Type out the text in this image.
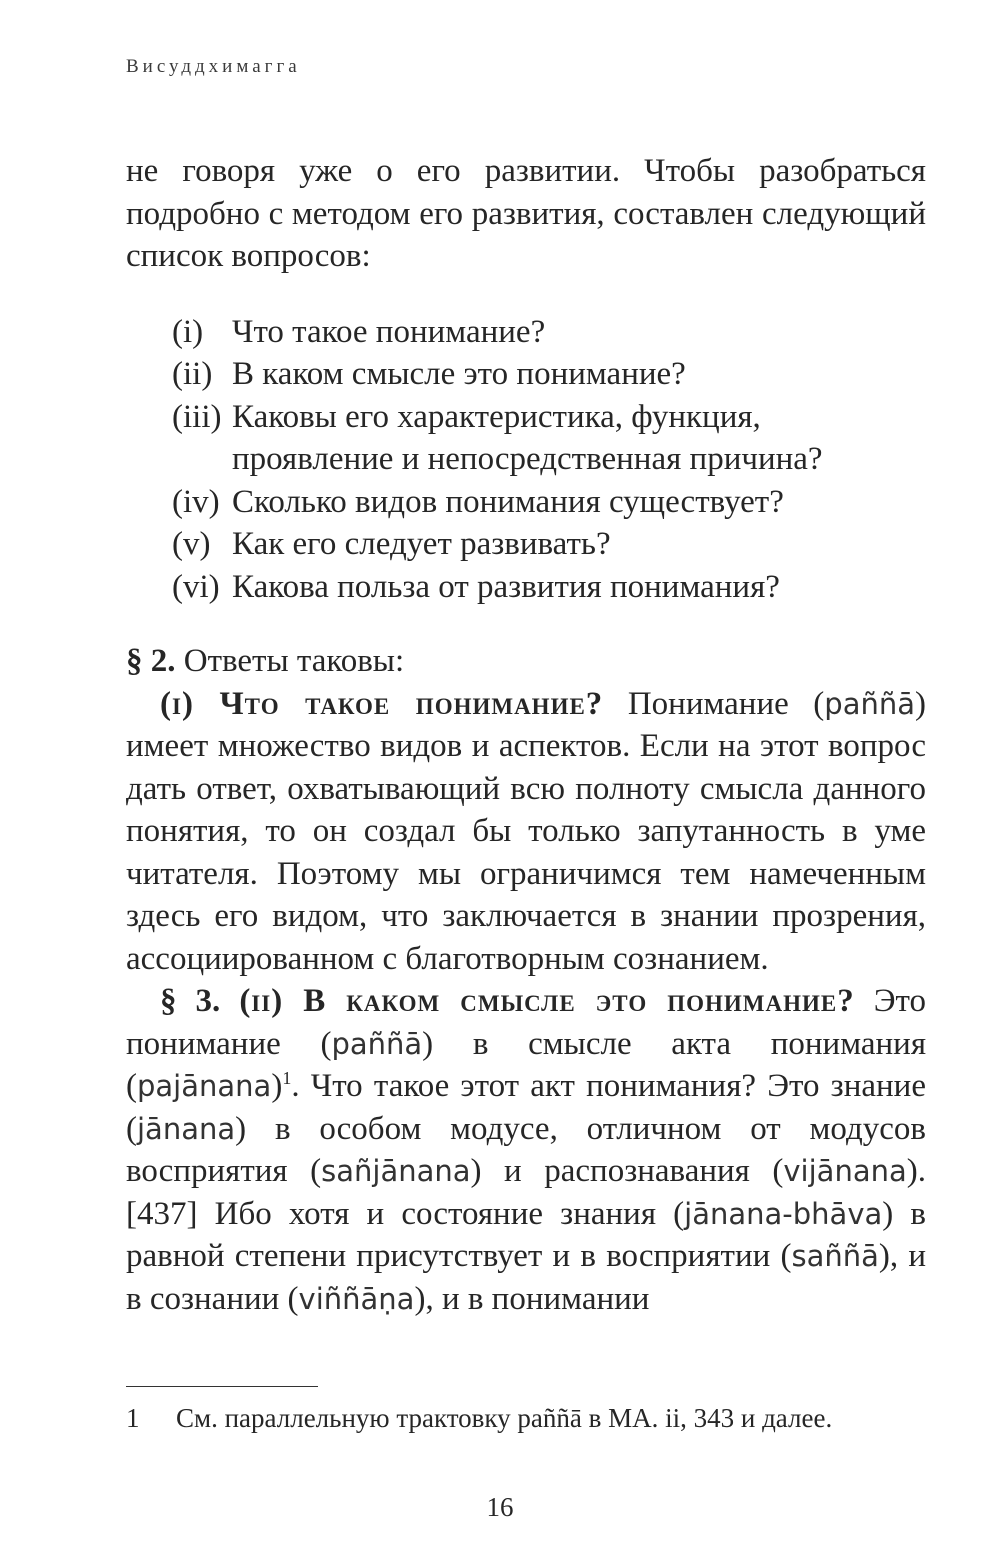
Висуддхимагга

не говоря уже о его развитии. Чтобы разобраться подробно с методом его развития, составлен следующий список вопросов:

(i) Что такое понимание?
(ii) В каком смысле это понимание?
(iii) Каковы его характеристика, функция, проявление и непосредственная причина?
(iv) Сколько видов понимания существует?
(v) Как его следует развивать?
(vi) Какова польза от развития понимания?

§ 2. Ответы таковы:

(i) Что такое понимание? Понимание (paññā) имеет множество видов и аспектов. Если на этот вопрос дать ответ, охватывающий всю полноту смысла данного понятия, то он создал бы только запутанность в уме читателя. Поэтому мы ограничимся тем намеченным здесь его видом, что заключается в знании прозрения, ассоциированном с благотворным сознанием.

§ 3. (ii) В каком смысле это понимание? Это понимание (paññā) в смысле акта понимания (pajānana)$^1$. Что такое этот акт понимания? Это знание (jānana) в особом модусе, отличном от модусов восприятия (sañjānana) и распознавания (vijānana). [437] Ибо хотя и состояние знания (jānana-bhāva) в равной степени присутствует и в восприятии (saññā), и в сознании (viññāṇa), и в понимании

1	См. параллельную трактовку paññā в MA. ii, 343 и далее.
16
